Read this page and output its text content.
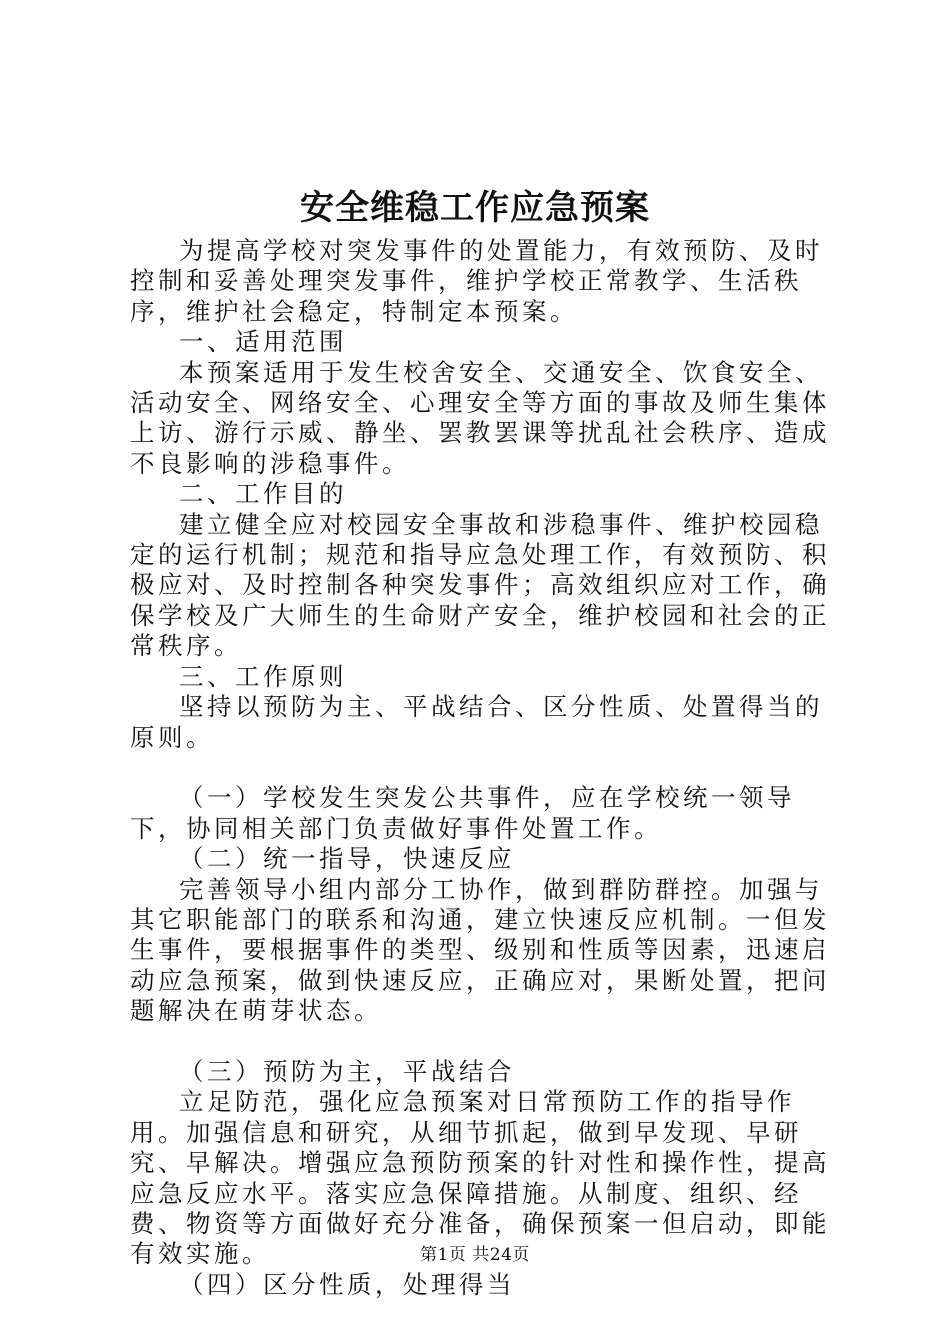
安全维稳工作应急预案

为提高学校对突发事件的处置能力，有效预防、及时控制和妥善处理突发事件，维护学校正常教学、生活秩序，维护社会稳定，特制定本预案。

一、适用范围

本预案适用于发生校舍安全、交通安全、饮食安全、活动安全、网络安全、心理安全等方面的事故及师生集体上访、游行示威、静坐、罢教罢课等扰乱社会秩序、造成不良影响的涉稳事件。

二、工作目的

建立健全应对校园安全事故和涉稳事件、维护校园稳定的运行机制；规范和指导应急处理工作，有效预防、积极应对、及时控制各种突发事件；高效组织应对工作，确保学校及广大师生的生命财产安全，维护校园和社会的正常秩序。

三、工作原则

坚持以预防为主、平战结合、区分性质、处置得当的原则。

（一）学校发生突发公共事件，应在学校统一领导下，协同相关部门负责做好事件处置工作。

（二）统一指导，快速反应

完善领导小组内部分工协作，做到群防群控。加强与其它职能部门的联系和沟通，建立快速反应机制。一但发生事件，要根据事件的类型、级别和性质等因素，迅速启动应急预案，做到快速反应，正确应对，果断处置，把问题解决在萌芽状态。

（三）预防为主，平战结合

立足防范，强化应急预案对日常预防工作的指导作用。加强信息和研究，从细节抓起，做到早发现、早研究、早解决。增强应急预防预案的针对性和操作性，提高应急反应水平。落实应急保障措施。从制度、组织、经费、物资等方面做好充分准备，确保预案一但启动，即能有效实施。

（四）区分性质，处理得当

第1页 共24页
